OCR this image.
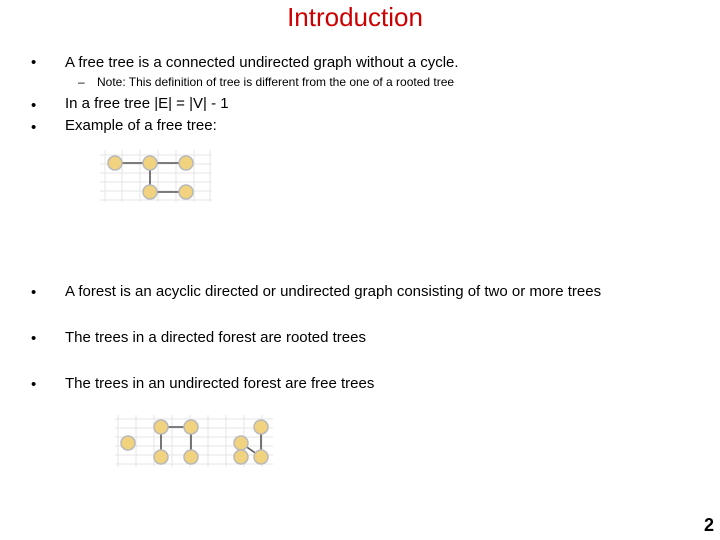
Introduction
• A free tree is a connected undirected graph without a cycle.
– Note: This definition of tree is different from the one of a rooted tree
• In a free tree |E| = |V| - 1
• Example of a free tree:
• A forest is an acyclic directed or undirected graph consisting of two or more trees
• The trees in a directed forest are rooted trees
• The trees in an undirected forest are free trees
2
